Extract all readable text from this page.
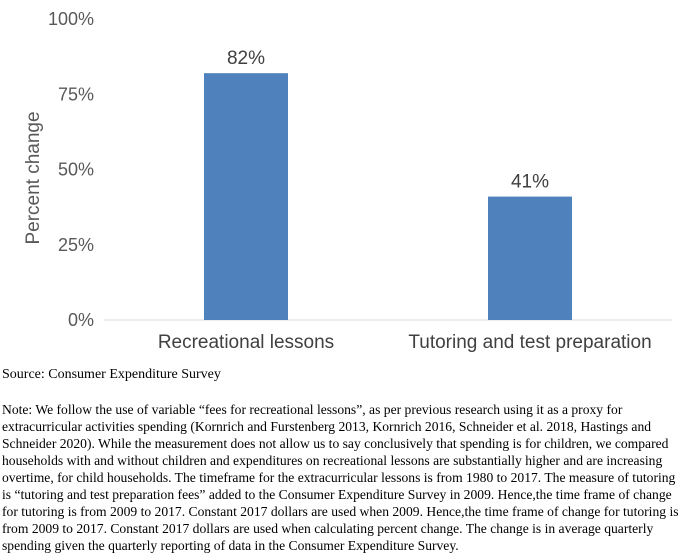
Percent change
0%
25%
50%
75%
100%
82%
41%
Recreational lessons	Tutoring and test preparation
Source: Consumer Expenditure Survey
Note: We follow the use of variable “fees for recreational lessons”, as per previous research using it as a proxy for extracurricular activities spending (Kornrich and Furstenberg 2013, Kornrich 2016, Schneider et al. 2018, Hastings and Schneider 2020). While the measurement does not allow us to say conclusively that spending is for children, we compared households with and without children and expenditures on recreational lessons are substantially higher and are increasing overtime, for child households. The timeframe for the extracurricular lessons is from 1980 to 2017. The measure of tutoring is “tutoring and test preparation fees” added to the Consumer Expenditure Survey in 2009. Hence,the time frame of change for tutoring is from 2009 to 2017. Constant 2017 dollars are used when 2009. Hence,the time frame of change for tutoring is from 2009 to 2017. Constant 2017 dollars are used when calculating percent change. The change is in average quarterly spending given the quarterly reporting of data in the Consumer Expenditure Survey.
